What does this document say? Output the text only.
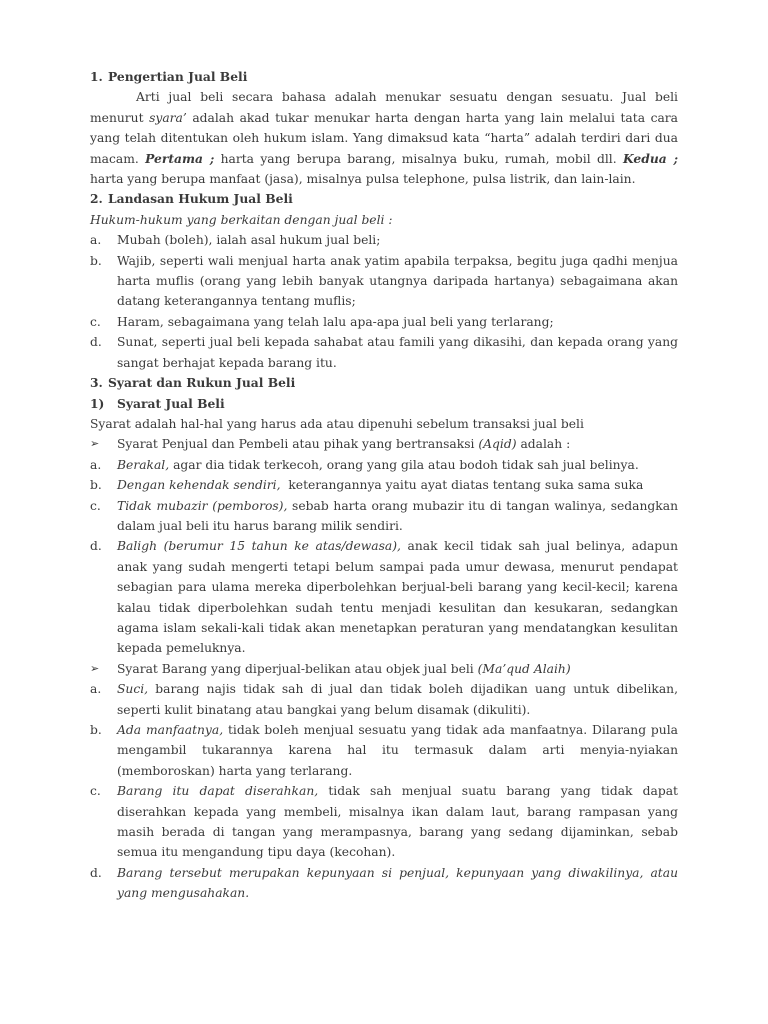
1. Pengertian Jual Beli

Arti jual beli secara bahasa adalah menukar sesuatu dengan sesuatu. Jual beli menurut syara’ adalah akad tukar menukar harta dengan harta yang lain melalui tata cara yang telah ditentukan oleh hukum islam. Yang dimaksud kata “harta” adalah terdiri dari dua macam. Pertama ; harta yang berupa barang, misalnya buku, rumah, mobil dll. Kedua ; harta yang berupa manfaat (jasa), misalnya pulsa telephone, pulsa listrik, dan lain-lain.

2. Landasan Hukum Jual Beli

Hukum-hukum yang berkaitan dengan jual beli :

a.	Mubah (boleh), ialah asal hukum jual beli;
b.	Wajib, seperti wali menjual harta anak yatim apabila terpaksa, begitu juga qadhi menjua harta muflis (orang yang lebih banyak utangnya daripada hartanya) sebagaimana akan datang keterangannya tentang muflis;
c.	Haram, sebagaimana yang telah lalu apa-apa jual beli yang terlarang;
d.	Sunat, seperti jual beli kepada sahabat atau famili yang dikasihi, dan kepada orang yang sangat berhajat kepada barang itu.
3. Syarat dan Rukun Jual Beli
1)	Syarat Jual Beli

Syarat adalah hal-hal yang harus ada atau dipenuhi sebelum transaksi jual beli

➢	Syarat Penjual dan Pembeli atau pihak yang bertransaksi (Aqid) adalah :
a.	Berakal, agar dia tidak terkecoh, orang yang gila atau bodoh tidak sah jual belinya.
b.	Dengan kehendak sendiri,  keterangannya yaitu ayat diatas tentang suka sama suka
c.	Tidak mubazir (pemboros), sebab harta orang mubazir itu di tangan walinya, sedangkan dalam jual beli itu harus barang milik sendiri.
d.	Baligh (berumur 15 tahun ke atas/dewasa), anak kecil tidak sah jual belinya, adapun anak yang sudah mengerti tetapi belum sampai pada umur dewasa, menurut pendapat sebagian para ulama mereka diperbolehkan berjual-beli barang yang kecil-kecil; karena kalau tidak diperbolehkan sudah tentu menjadi kesulitan dan kesukaran, sedangkan agama islam sekali-kali tidak akan menetapkan peraturan yang mendatangkan kesulitan kepada pemeluknya.
➢	Syarat Barang yang diperjual-belikan atau objek jual beli (Ma’qud Alaih)
a.	Suci, barang najis tidak sah di jual dan tidak boleh dijadikan uang untuk dibelikan, seperti kulit binatang atau bangkai yang belum disamak (dikuliti).
b.	Ada manfaatnya, tidak boleh menjual sesuatu yang tidak ada manfaatnya. Dilarang pula mengambil tukarannya karena hal itu termasuk dalam arti menyia-nyiakan (memboroskan) harta yang terlarang.
c.	Barang itu dapat diserahkan, tidak sah menjual suatu barang yang tidak dapat diserahkan kepada yang membeli, misalnya ikan dalam laut, barang rampasan yang masih berada di tangan yang merampasnya, barang yang sedang dijaminkan, sebab semua itu mengandung tipu daya (kecohan).
d.	Barang tersebut merupakan kepunyaan si penjual, kepunyaan yang diwakilinya, atau yang mengusahakan.
